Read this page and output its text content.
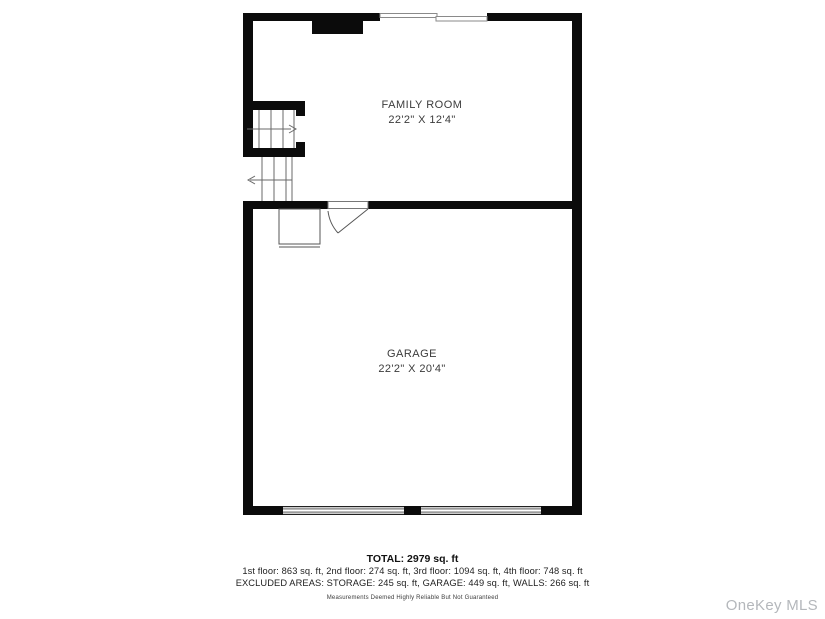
FAMILY ROOM
22'2" X 12'4"
GARAGE
22'2" X 20'4"
TOTAL: 2979 sq. ft
1st floor: 863 sq. ft, 2nd floor: 274 sq. ft, 3rd floor: 1094 sq. ft, 4th floor: 748 sq. ft
EXCLUDED AREAS: STORAGE: 245 sq. ft, GARAGE: 449 sq. ft, WALLS: 266 sq. ft
Measurements Deemed Highly Reliable But Not Guaranteed	OneKey MLS
